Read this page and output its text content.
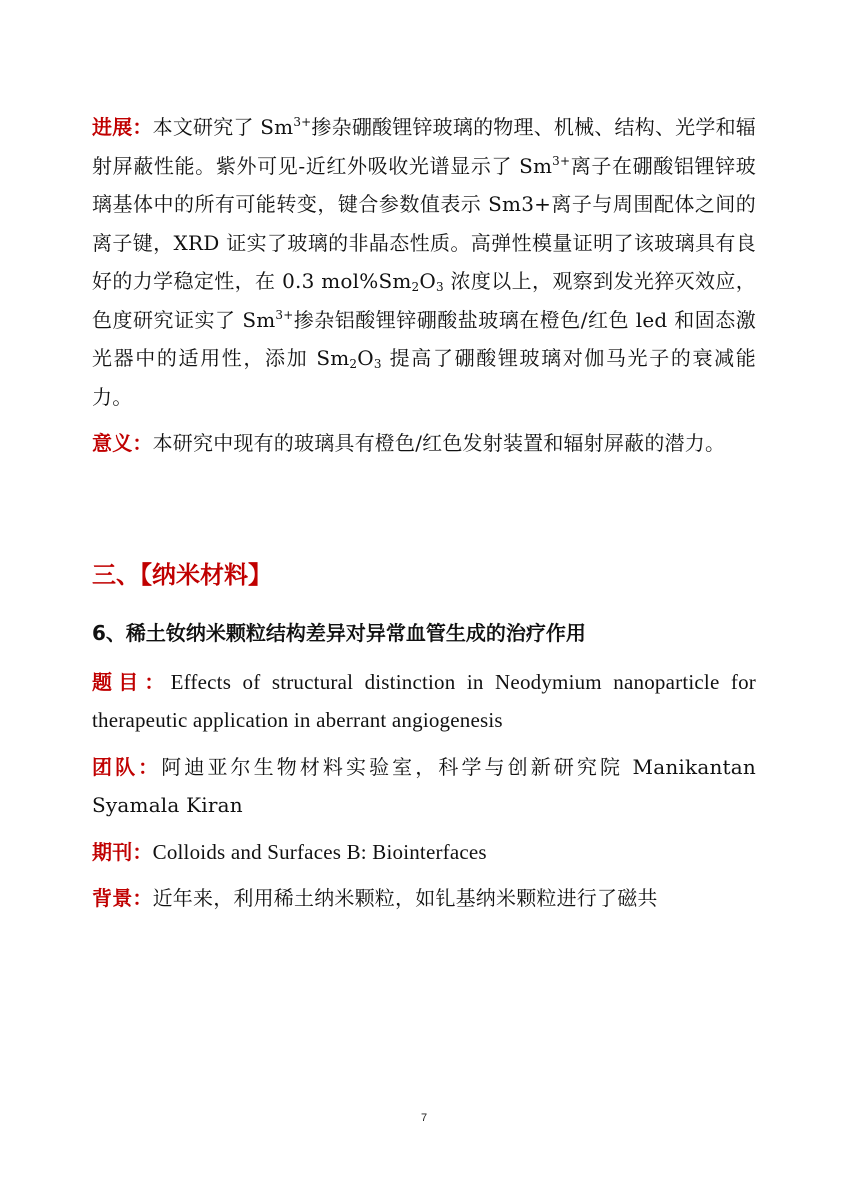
进展：本文研究了 $Sm^{3+}$掺杂硼酸锂锌玻璃的物理、机械、结构、光学和辐射屏蔽性能。紫外可见-近红外吸收光谱显示了 $Sm^{3+}$离子在硼酸铝锂锌玻璃基体中的所有可能转变，键合参数值表示 Sm3+离子与周围配体之间的离子键，XRD 证实了玻璃的非晶态性质。高弹性模量证明了该玻璃具有良好的力学稳定性，在 0.3 $mol\%Sm_2O_3$ 浓度以上，观察到发光猝灭效应，色度研究证实了 $Sm^{3+}$掺杂铝酸锂锌硼酸盐玻璃在橙色/红色 led 和固态激光器中的适用性，添加 $Sm_2O_3$ 提高了硼酸锂玻璃对伽马光子的衰减能力。

意义：本研究中现有的玻璃具有橙色/红色发射装置和辐射屏蔽的潜力。

三、【纳米材料】
6、稀土钕纳米颗粒结构差异对异常血管生成的治疗作用

题目：Effects of structural distinction in Neodymium nanoparticle for therapeutic application in aberrant angiogenesis

团队：阿迪亚尔生物材料实验室，科学与创新研究院 Manikantan Syamala Kiran

期刊：Colloids and Surfaces B: Biointerfaces

背景：近年来，利用稀土纳米颗粒，如钆基纳米颗粒进行了磁共

7
